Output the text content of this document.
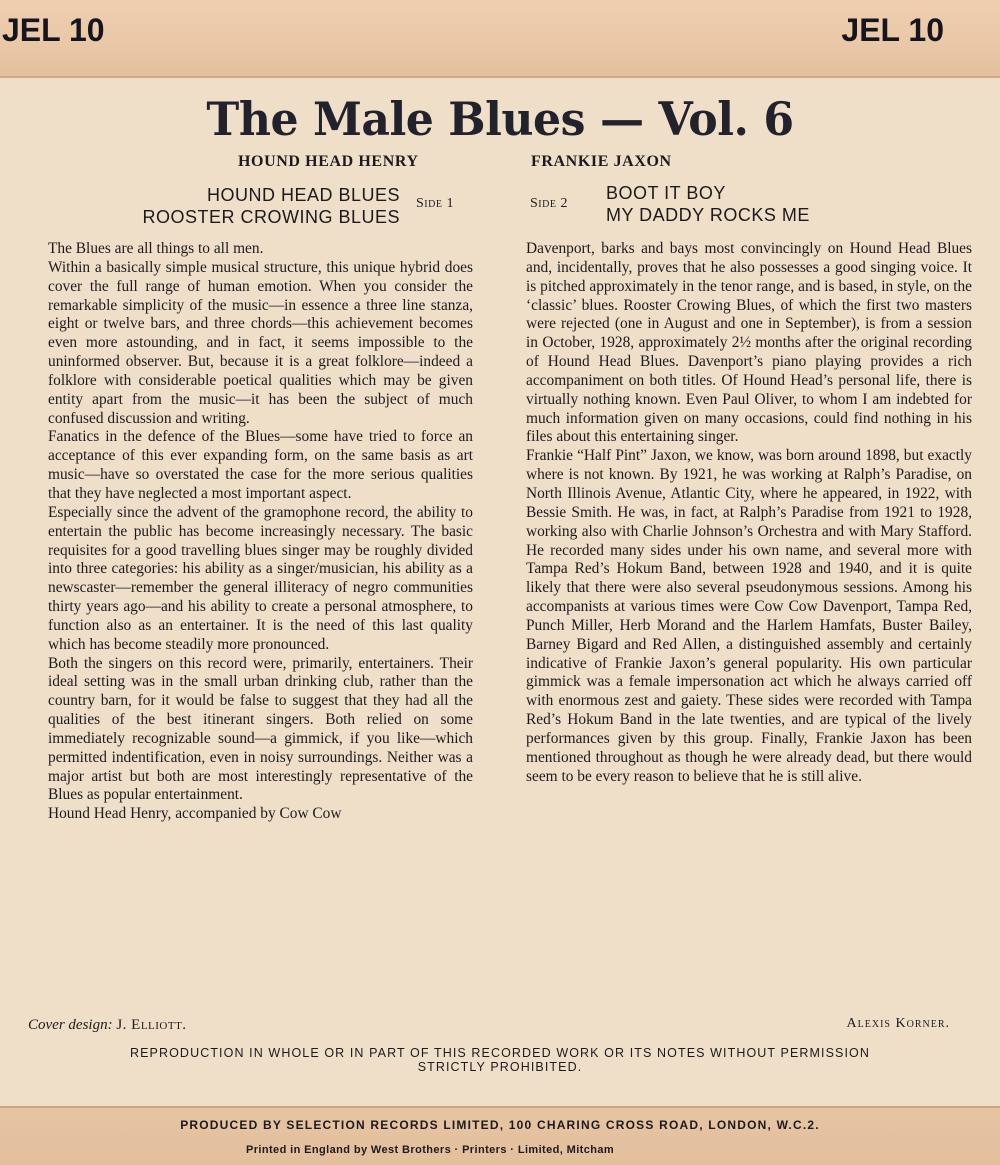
JEL 10	JEL 10
The Male Blues — Vol. 6
HOUND HEAD HENRY	FRANKIE JAXON
HOUND HEAD BLUES
ROOSTER CROWING BLUES
Side 1	Side 2
BOOT IT BOY
MY DADDY ROCKS ME

The Blues are all things to all men.

Within a basically simple musical structure, this unique hybrid does cover the full range of human emotion. When you consider the remarkable simplicity of the music—in essence a three line stanza, eight or twelve bars, and three chords—this achievement becomes even more astounding, and in fact, it seems impossible to the uninformed observer. But, because it is a great folklore—indeed a folklore with considerable poetical qualities which may be given entity apart from the music—it has been the subject of much confused discussion and writing.

Fanatics in the defence of the Blues—some have tried to force an acceptance of this ever expanding form, on the same basis as art music—have so overstated the case for the more serious qualities that they have neglected a most important aspect.

Especially since the advent of the gramophone record, the ability to entertain the public has become increasingly necessary. The basic requisites for a good travelling blues singer may be roughly divided into three categories: his ability as a singer/musician, his ability as a newscaster—remember the general illiteracy of negro communities thirty years ago—and his ability to create a personal atmosphere, to function also as an entertainer. It is the need of this last quality which has become steadily more pronounced.

Both the singers on this record were, primarily, entertainers. Their ideal setting was in the small urban drinking club, rather than the country barn, for it would be false to suggest that they had all the qualities of the best itinerant singers. Both relied on some immediately recognizable sound—a gimmick, if you like—which permitted indentification, even in noisy surroundings. Neither was a major artist but both are most interestingly representative of the Blues as popular entertainment.

Hound Head Henry, accompanied by Cow Cow

Davenport, barks and bays most convincingly on Hound Head Blues and, incidentally, proves that he also possesses a good singing voice. It is pitched approximately in the tenor range, and is based, in style, on the ‘classic’ blues. Rooster Crowing Blues, of which the first two masters were rejected (one in August and one in September), is from a session in October, 1928, approximately 2½ months after the original recording of Hound Head Blues. Davenport’s piano playing provides a rich accompaniment on both titles. Of Hound Head’s personal life, there is virtually nothing known. Even Paul Oliver, to whom I am indebted for much information given on many occasions, could find nothing in his files about this entertaining singer.

Frankie “Half Pint” Jaxon, we know, was born around 1898, but exactly where is not known. By 1921, he was working at Ralph’s Paradise, on North Illinois Avenue, Atlantic City, where he appeared, in 1922, with Bessie Smith. He was, in fact, at Ralph’s Paradise from 1921 to 1928, working also with Charlie Johnson’s Orchestra and with Mary Stafford. He recorded many sides under his own name, and several more with Tampa Red’s Hokum Band, between 1928 and 1940, and it is quite likely that there were also several pseudonymous sessions. Among his accompanists at various times were Cow Cow Davenport, Tampa Red, Punch Miller, Herb Morand and the Harlem Hamfats, Buster Bailey, Barney Bigard and Red Allen, a distinguished assembly and certainly indicative of Frankie Jaxon’s general popularity. His own particular gimmick was a female impersonation act which he always carried off with enormous zest and gaiety. These sides were recorded with Tampa Red’s Hokum Band in the late twenties, and are typical of the lively performances given by this group. Finally, Frankie Jaxon has been mentioned throughout as though he were already dead, but there would seem to be every reason to believe that he is still alive.

Cover design: J. Elliott.	Alexis Korner.
REPRODUCTION IN WHOLE OR IN PART OF THIS RECORDED WORK OR ITS NOTES WITHOUT PERMISSION
STRICTLY PROHIBITED.
PRODUCED BY SELECTION RECORDS LIMITED, 100 CHARING CROSS ROAD, LONDON, W.C.2.
Printed in England by West Brothers · Printers · Limited, Mitcham
